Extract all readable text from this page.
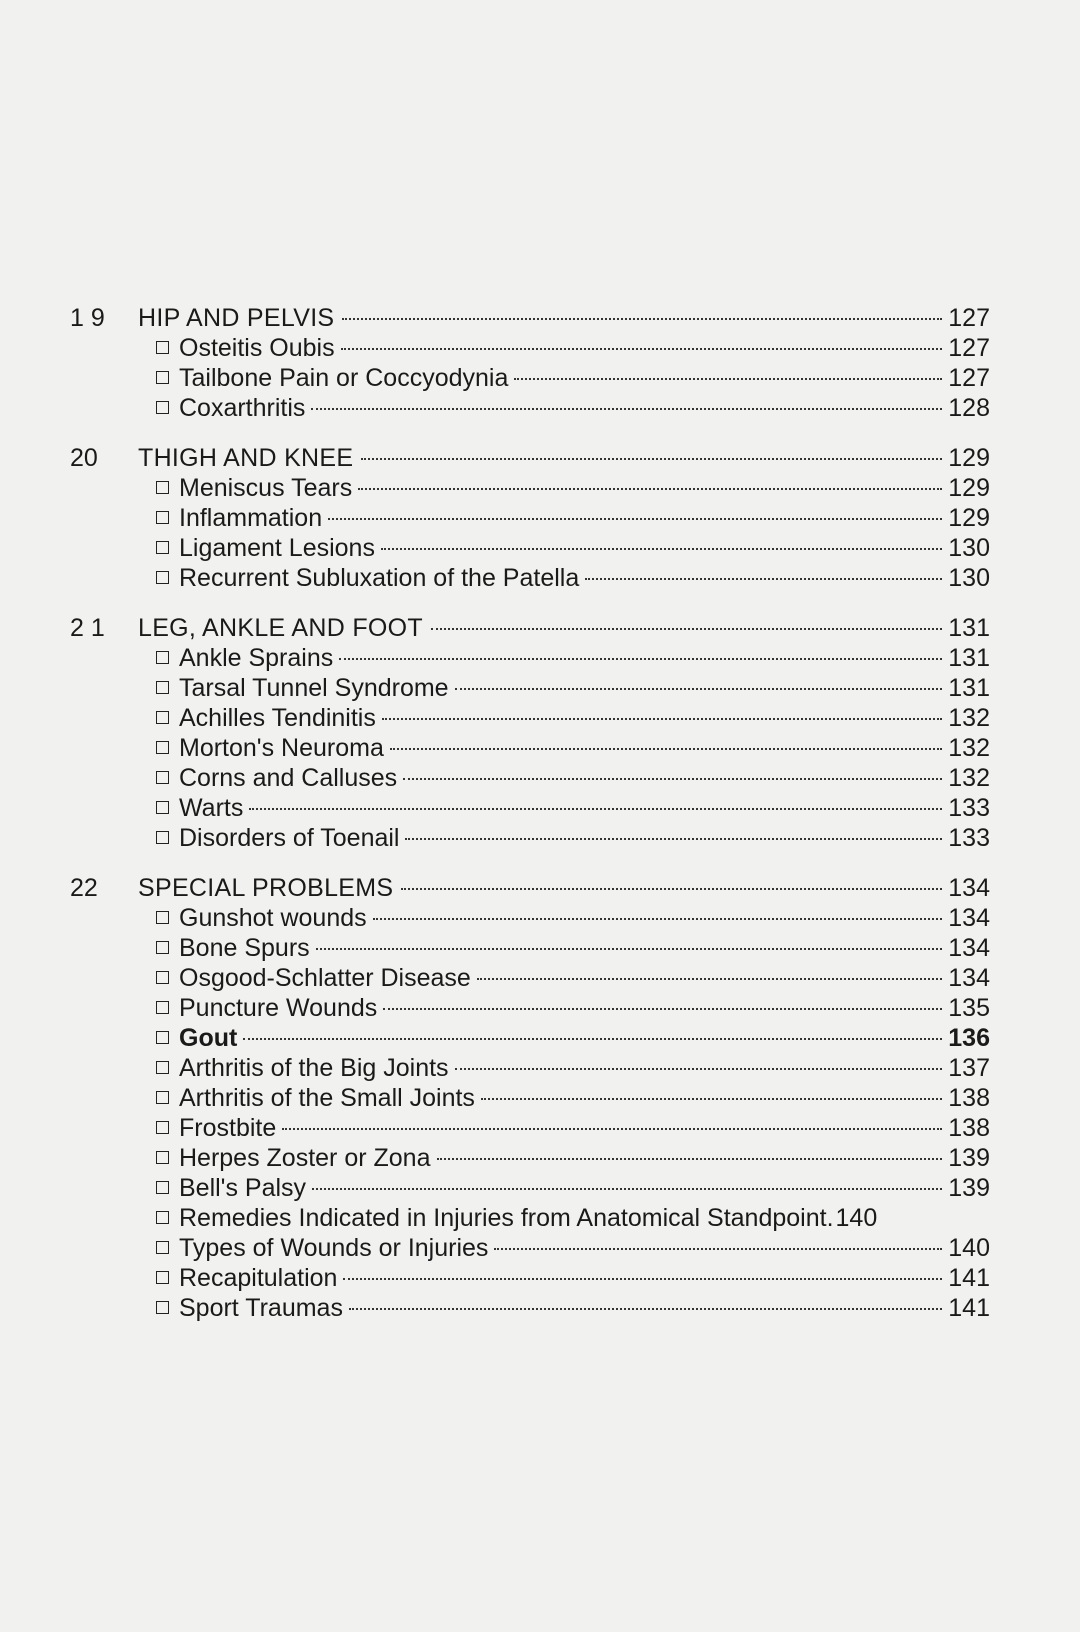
1 9	HIP AND PELVIS	127
Osteitis Oubis	127
Tailbone Pain or Coccyodynia	127
Coxarthritis	128
20	THIGH AND KNEE	129
Meniscus Tears	129
Inflammation	129
Ligament Lesions	130
Recurrent Subluxation of the Patella	130
2 1	LEG, ANKLE AND FOOT	131
Ankle Sprains	131
Tarsal Tunnel Syndrome	131
Achilles Tendinitis	132
Morton's Neuroma	132
Corns and Calluses	132
Warts	133
Disorders of Toenail	133
22	SPECIAL PROBLEMS	134
Gunshot wounds	134
Bone Spurs	134
Osgood-Schlatter Disease	134
Puncture Wounds	135
Gout	136
Arthritis of the Big Joints	137
Arthritis of the Small Joints	138
Frostbite	138
Herpes Zoster or Zona	139
Bell's Palsy	139
Remedies Indicated in Injuries from Anatomical Standpoint. 140
Types of Wounds or Injuries	140
Recapitulation	141
Sport Traumas	141
